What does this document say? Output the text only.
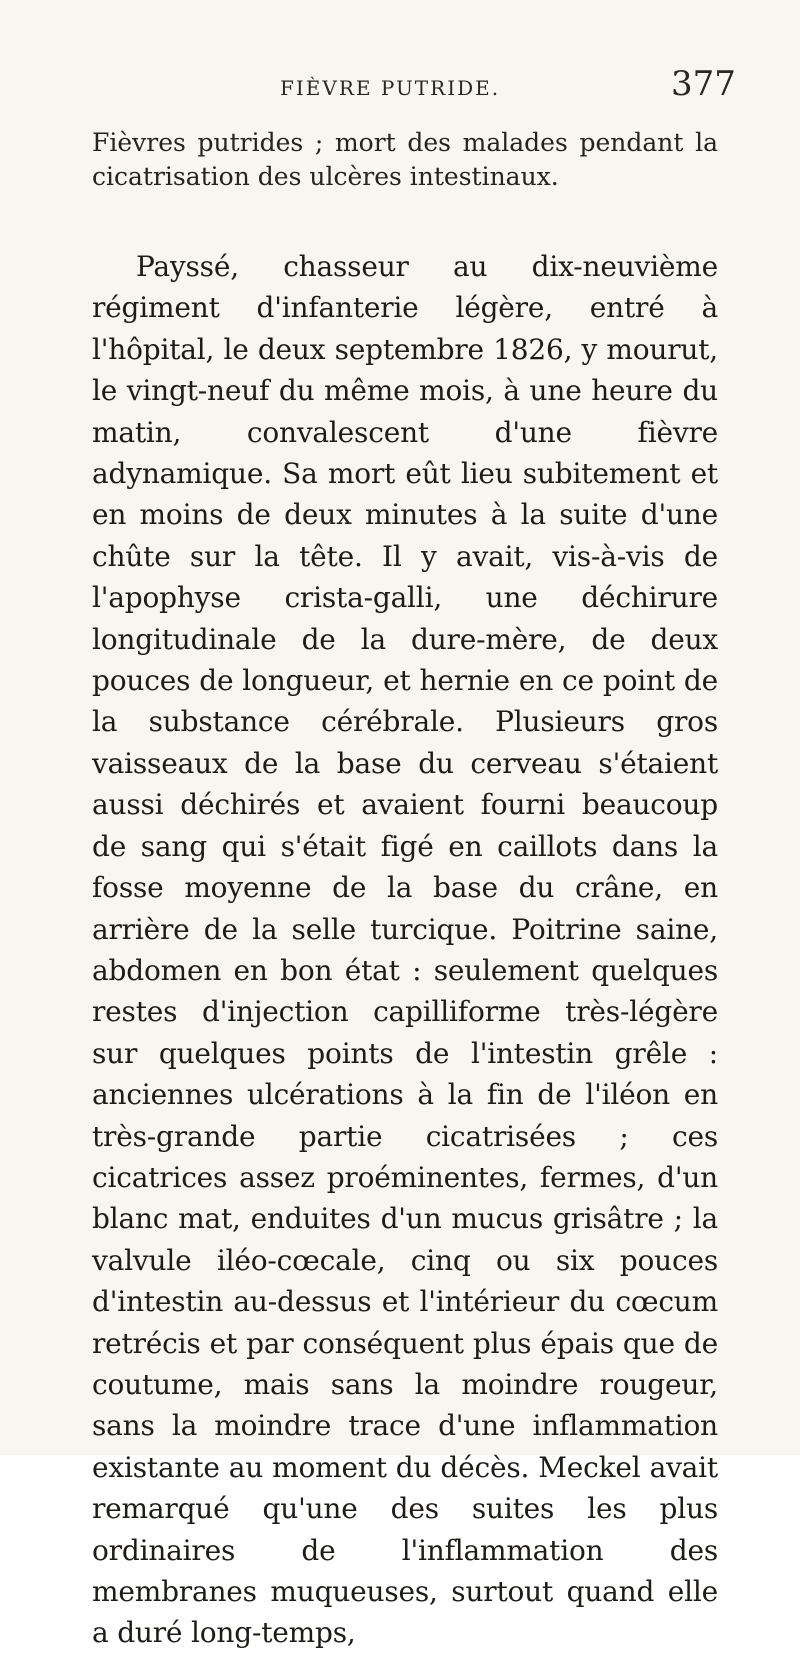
FIÈVRE PUTRIDE.	377

Fièvres putrides ; mort des malades pendant la cicatrisation des ulcères intestinaux.

Payssé, chasseur au dix-neuvième régiment d'infanterie légère, entré à l'hôpital, le deux septembre 1826, y mourut, le vingt-neuf du même mois, à une heure du matin, convalescent d'une fièvre adynamique. Sa mort eût lieu subitement et en moins de deux minutes à la suite d'une chûte sur la tête. Il y avait, vis-à-vis de l'apophyse crista-galli, une déchirure longitudinale de la dure-mère, de deux pouces de longueur, et hernie en ce point de la substance cérébrale. Plusieurs gros vaisseaux de la base du cerveau s'étaient aussi déchirés et avaient fourni beaucoup de sang qui s'était figé en caillots dans la fosse moyenne de la base du crâne, en arrière de la selle turcique. Poitrine saine, abdomen en bon état : seulement quelques restes d'injection capilliforme très-légère sur quelques points de l'intestin grêle : anciennes ulcérations à la fin de l'iléon en très-grande partie cicatrisées ; ces cicatrices assez proéminentes, fermes, d'un blanc mat, enduites d'un mucus grisâtre ; la valvule iléo-cœcale, cinq ou six pouces d'intestin au-dessus et l'intérieur du cœcum retrécis et par conséquent plus épais que de coutume, mais sans la moindre rougeur, sans la moindre trace d'une inflammation existante au moment du décès. Meckel avait remarqué qu'une des suites les plus ordinaires de l'inflammation des membranes muqueuses, surtout quand elle a duré long-temps,
